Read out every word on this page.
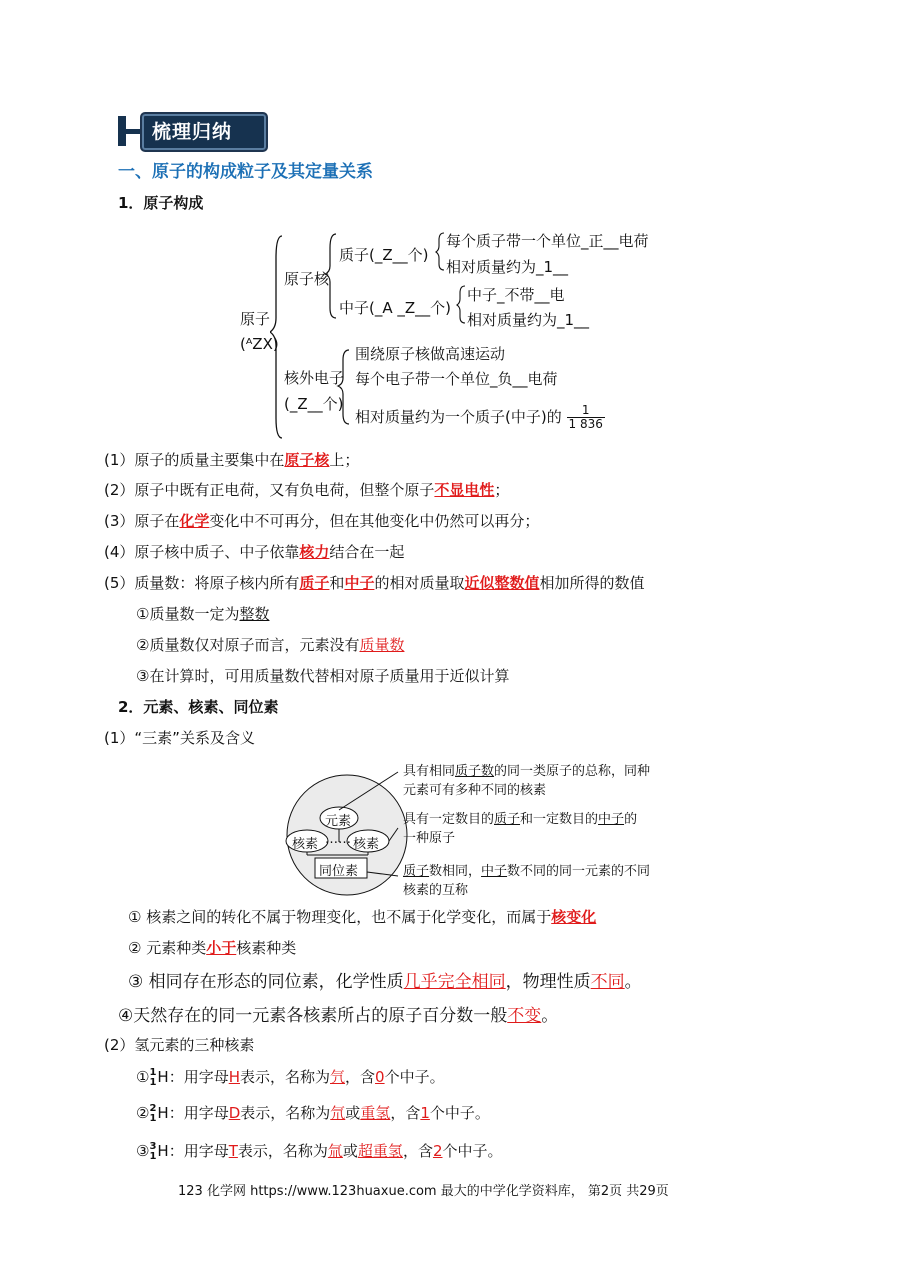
梳理归纳
一、原子的构成粒子及其定量关系
1．原子构成
原子
(ᴬZX)
原子核
质子(_Z__个)
每个质子带一个单位_正__电荷
相对质量约为_1__
中子(_A _Z__个)
中子_不带__电
相对质量约为_1__
核外电子
(_Z__个)
围绕原子核做高速运动
每个电子带一个单位_负__电荷
相对质量约为一个质子(中子)的 $\frac{1}{1 836}$
(1）原子的质量主要集中在原子核上；
(2）原子中既有正电荷，又有负电荷，但整个原子不显电性；
(3）原子在化学变化中不可再分，但在其他变化中仍然可以再分；
(4）原子核中质子、中子依靠核力结合在一起
(5）质量数：将原子核内所有质子和中子的相对质量取近似整数值相加所得的数值
①质量数一定为整数
②质量数仅对原子而言，元素没有质量数
③在计算时，可用质量数代替相对原子质量用于近似计算
2．元素、核素、同位素
(1）“三素”关系及含义
元素
核素	核素
……
同位素
具有相同质子数的同一类原子的总称，同种
元素可有多种不同的核素
具有一定数目的质子和一定数目的中子的
一种原子
质子数相同，中子数不同的同一元素的不同
核素的互称
① 核素之间的转化不属于物理变化，也不属于化学变化，而属于核变化
② 元素种类小于核素种类
③ 相同存在形态的同位素，化学性质几乎完全相同，物理性质不同。
④天然存在的同一元素各核素所占的原子百分数一般不变。
(2）氢元素的三种核素
① 1
1 H：用字母H表示，名称为氕，含0个中子。
② 2
1 H：用字母D表示，名称为氘或重氢，含1个中子。
③ 3
1 H：用字母T表示，名称为氚或超重氢，含2个中子。
123 化学网 https://www.123huaxue.com 最大的中学化学资料库， 第2页 共29页
